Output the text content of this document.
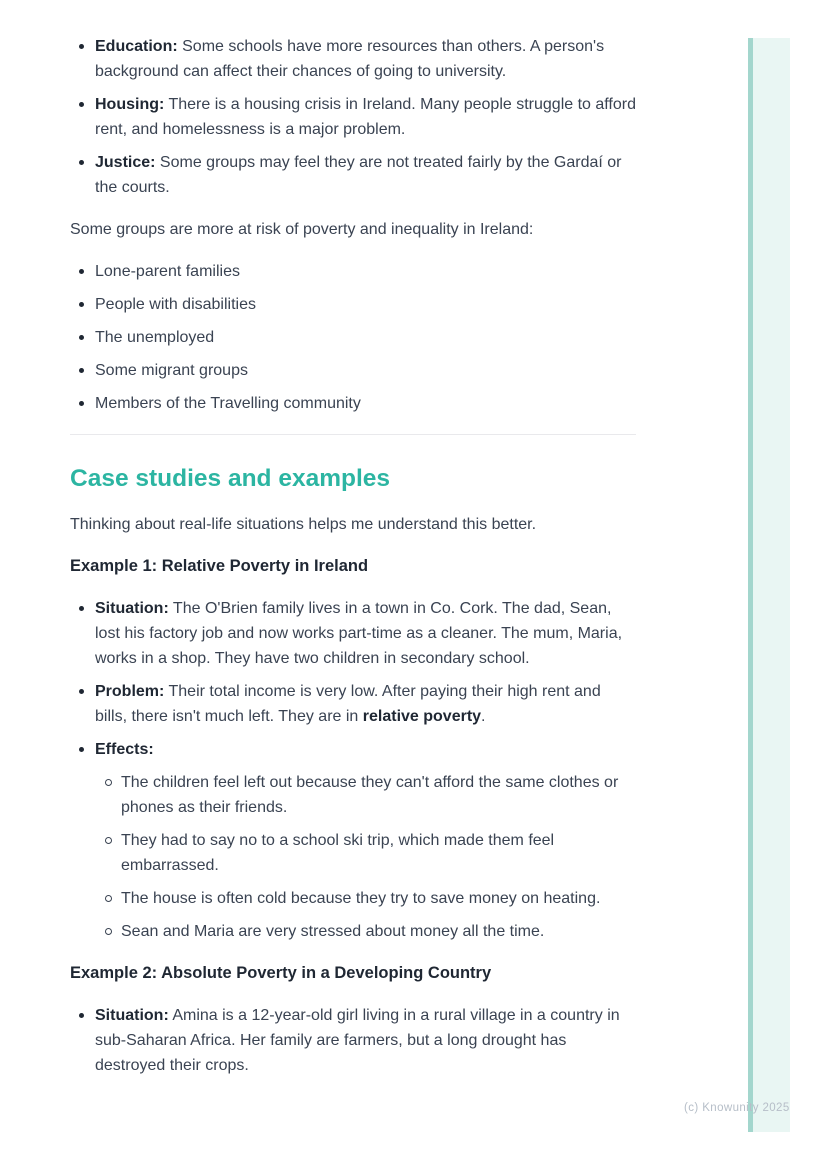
(c) Knowunity 2025
Education: Some schools have more resources than others. A person's background can affect their chances of going to university.
Housing: There is a housing crisis in Ireland. Many people struggle to afford rent, and homelessness is a major problem.
Justice: Some groups may feel they are not treated fairly by the Gardaí or the courts.

Some groups are more at risk of poverty and inequality in Ireland:

Lone-parent families
People with disabilities
The unemployed
Some migrant groups
Members of the Travelling community
Case studies and examples

Thinking about real-life situations helps me understand this better.

Example 1: Relative Poverty in Ireland

Situation: The O'Brien family lives in a town in Co. Cork. The dad, Sean, lost his factory job and now works part-time as a cleaner. The mum, Maria, works in a shop. They have two children in secondary school.
Problem: Their total income is very low. After paying their high rent and bills, there isn't much left. They are in relative poverty.
Effects:
The children feel left out because they can't afford the same clothes or phones as their friends.
They had to say no to a school ski trip, which made them feel embarrassed.
The house is often cold because they try to save money on heating.
Sean and Maria are very stressed about money all the time.

Example 2: Absolute Poverty in a Developing Country

Situation: Amina is a 12-year-old girl living in a rural village in a country in sub-Saharan Africa. Her family are farmers, but a long drought has destroyed their crops.
